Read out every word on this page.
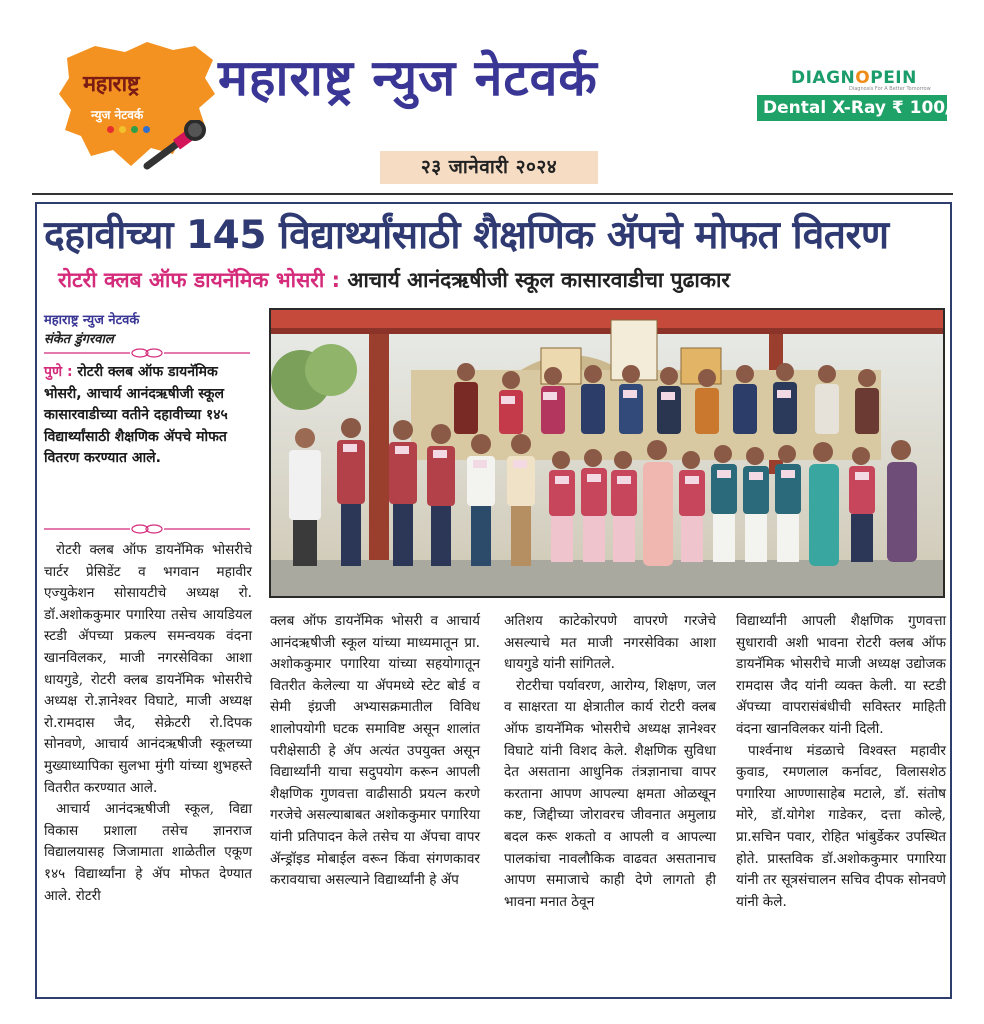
महाराष्ट्र
न्युज नेटवर्क
महाराष्ट्र न्युज नेटवर्क	DIAGNOPEIN
Diagnosis For A Better Tomorrow
Dental X-Ray ₹ 100/-
२३ जानेवारी २०२४
दहावीच्या 145 विद्यार्थ्यांसाठी शैक्षणिक ॲपचे मोफत वितरण
रोटरी क्लब ऑफ डायनॅमिक भोसरी : आचार्य आनंदऋषीजी स्कूल कासारवाडीचा पुढाकार
महाराष्ट्र न्युज नेटवर्क
संकेत डुंगरवाल
पुणे : रोटरी क्लब ऑफ डायनॅमिक भोसरी, आचार्य आनंदऋषीजी स्कूल कासारवाडीच्या वतीने दहावीच्या १४५ विद्यार्थ्यांसाठी शैक्षणिक ॲपचे मोफत वितरण करण्यात आले.

रोटरी क्लब ऑफ डायनॅमिक भोसरीचे चार्टर प्रेसिडेंट व भगवान महावीर एज्युकेशन सोसायटीचे अध्यक्ष रो. डॉ.अशोककुमार पगारिया तसेच आयडियल स्टडी ॲपच्या प्रकल्प समन्वयक वंदना खानविलकर, माजी नगरसेविका आशा धायगुडे, रोटरी क्लब डायनॅमिक भोसरीचे अध्यक्ष रो.ज्ञानेश्वर विघाटे, माजी अध्यक्ष रो.रामदास जैद, सेक्रेटरी रो.दिपक सोनवणे, आचार्य आनंदऋषीजी स्कूलच्या मुख्याध्यापिका सुलभा मुंगी यांच्या शुभहस्ते वितरीत करण्यात आले.

आचार्य आनंदऋषीजी स्कूल, विद्या विकास प्रशाला तसेच ज्ञानराज विद्यालयासह जिजामाता शाळेतील एकूण १४५ विद्यार्थ्यांना हे ॲप मोफत देण्यात आले. रोटरी

क्लब ऑफ डायनॅमिक भोसरी व आचार्य आनंदऋषीजी स्कूल यांच्या माध्यमातून प्रा. अशोककुमार पगारिया यांच्या सहयोगातून वितरीत केलेल्या या ॲपमध्ये स्टेट बोर्ड व सेमी इंग्रजी अभ्यासक्रमातील विविध शालोपयोगी घटक समाविष्ट असून शालांत परीक्षेसाठी हे ॲप अत्यंत उपयुक्त असून विद्यार्थ्यांनी याचा सदुपयोग करून आपली शैक्षणिक गुणवत्ता वाढीसाठी प्रयत्न करणे गरजेचे असल्याबाबत अशोककुमार पगारिया यांनी प्रतिपादन केले तसेच या ॲपचा वापर ॲन्ड्रॉइड मोबाईल वरून किंवा संगणकावर करावयाचा असल्याने विद्यार्थ्यांनी हे ॲप

अतिशय काटेकोरपणे वापरणे गरजेचे असल्याचे मत माजी नगरसेविका आशा धायगुडे यांनी सांगितले.

रोटरीचा पर्यावरण, आरोग्य, शिक्षण, जल व साक्षरता या क्षेत्रातील कार्य रोटरी क्लब ऑफ डायनॅमिक भोसरीचे अध्यक्ष ज्ञानेश्वर विघाटे यांनी विशद केले. शैक्षणिक सुविधा देत असताना आधुनिक तंत्रज्ञानाचा वापर करताना आपण आपल्या क्षमता ओळखून कष्ट, जिद्दीच्या जोरावरच जीवनात अमुलाग्र बदल करू शकतो व आपली व आपल्या पालकांचा नावलौकिक वाढवत असतानाच आपण समाजाचे काही देणे लागतो ही भावना मनात ठेवून

विद्यार्थ्यांनी आपली शैक्षणिक गुणवत्ता सुधारावी अशी भावना रोटरी क्लब ऑफ डायनॅमिक भोसरीचे माजी अध्यक्ष उद्योजक रामदास जैद यांनी व्यक्त केली. या स्टडी ॲपच्या वापरासंबंधीची सविस्तर माहिती वंदना खानविलकर यांनी दिली.

पार्श्वनाथ मंडळाचे विश्वस्त महावीर कुवाड, रमणलाल कर्नावट, विलासशेठ पगारिया आण्णासाहेब मटाले, डॉ. संतोष मोरे, डॉ.योगेश गाडेकर, दत्ता कोल्हे, प्रा.सचिन पवार, रोहित भांबुर्डेकर उपस्थित होते. प्रास्तविक डॉ.अशोककुमार पगारिया यांनी तर सूत्रसंचालन सचिव दीपक सोनवणे यांनी केले.
